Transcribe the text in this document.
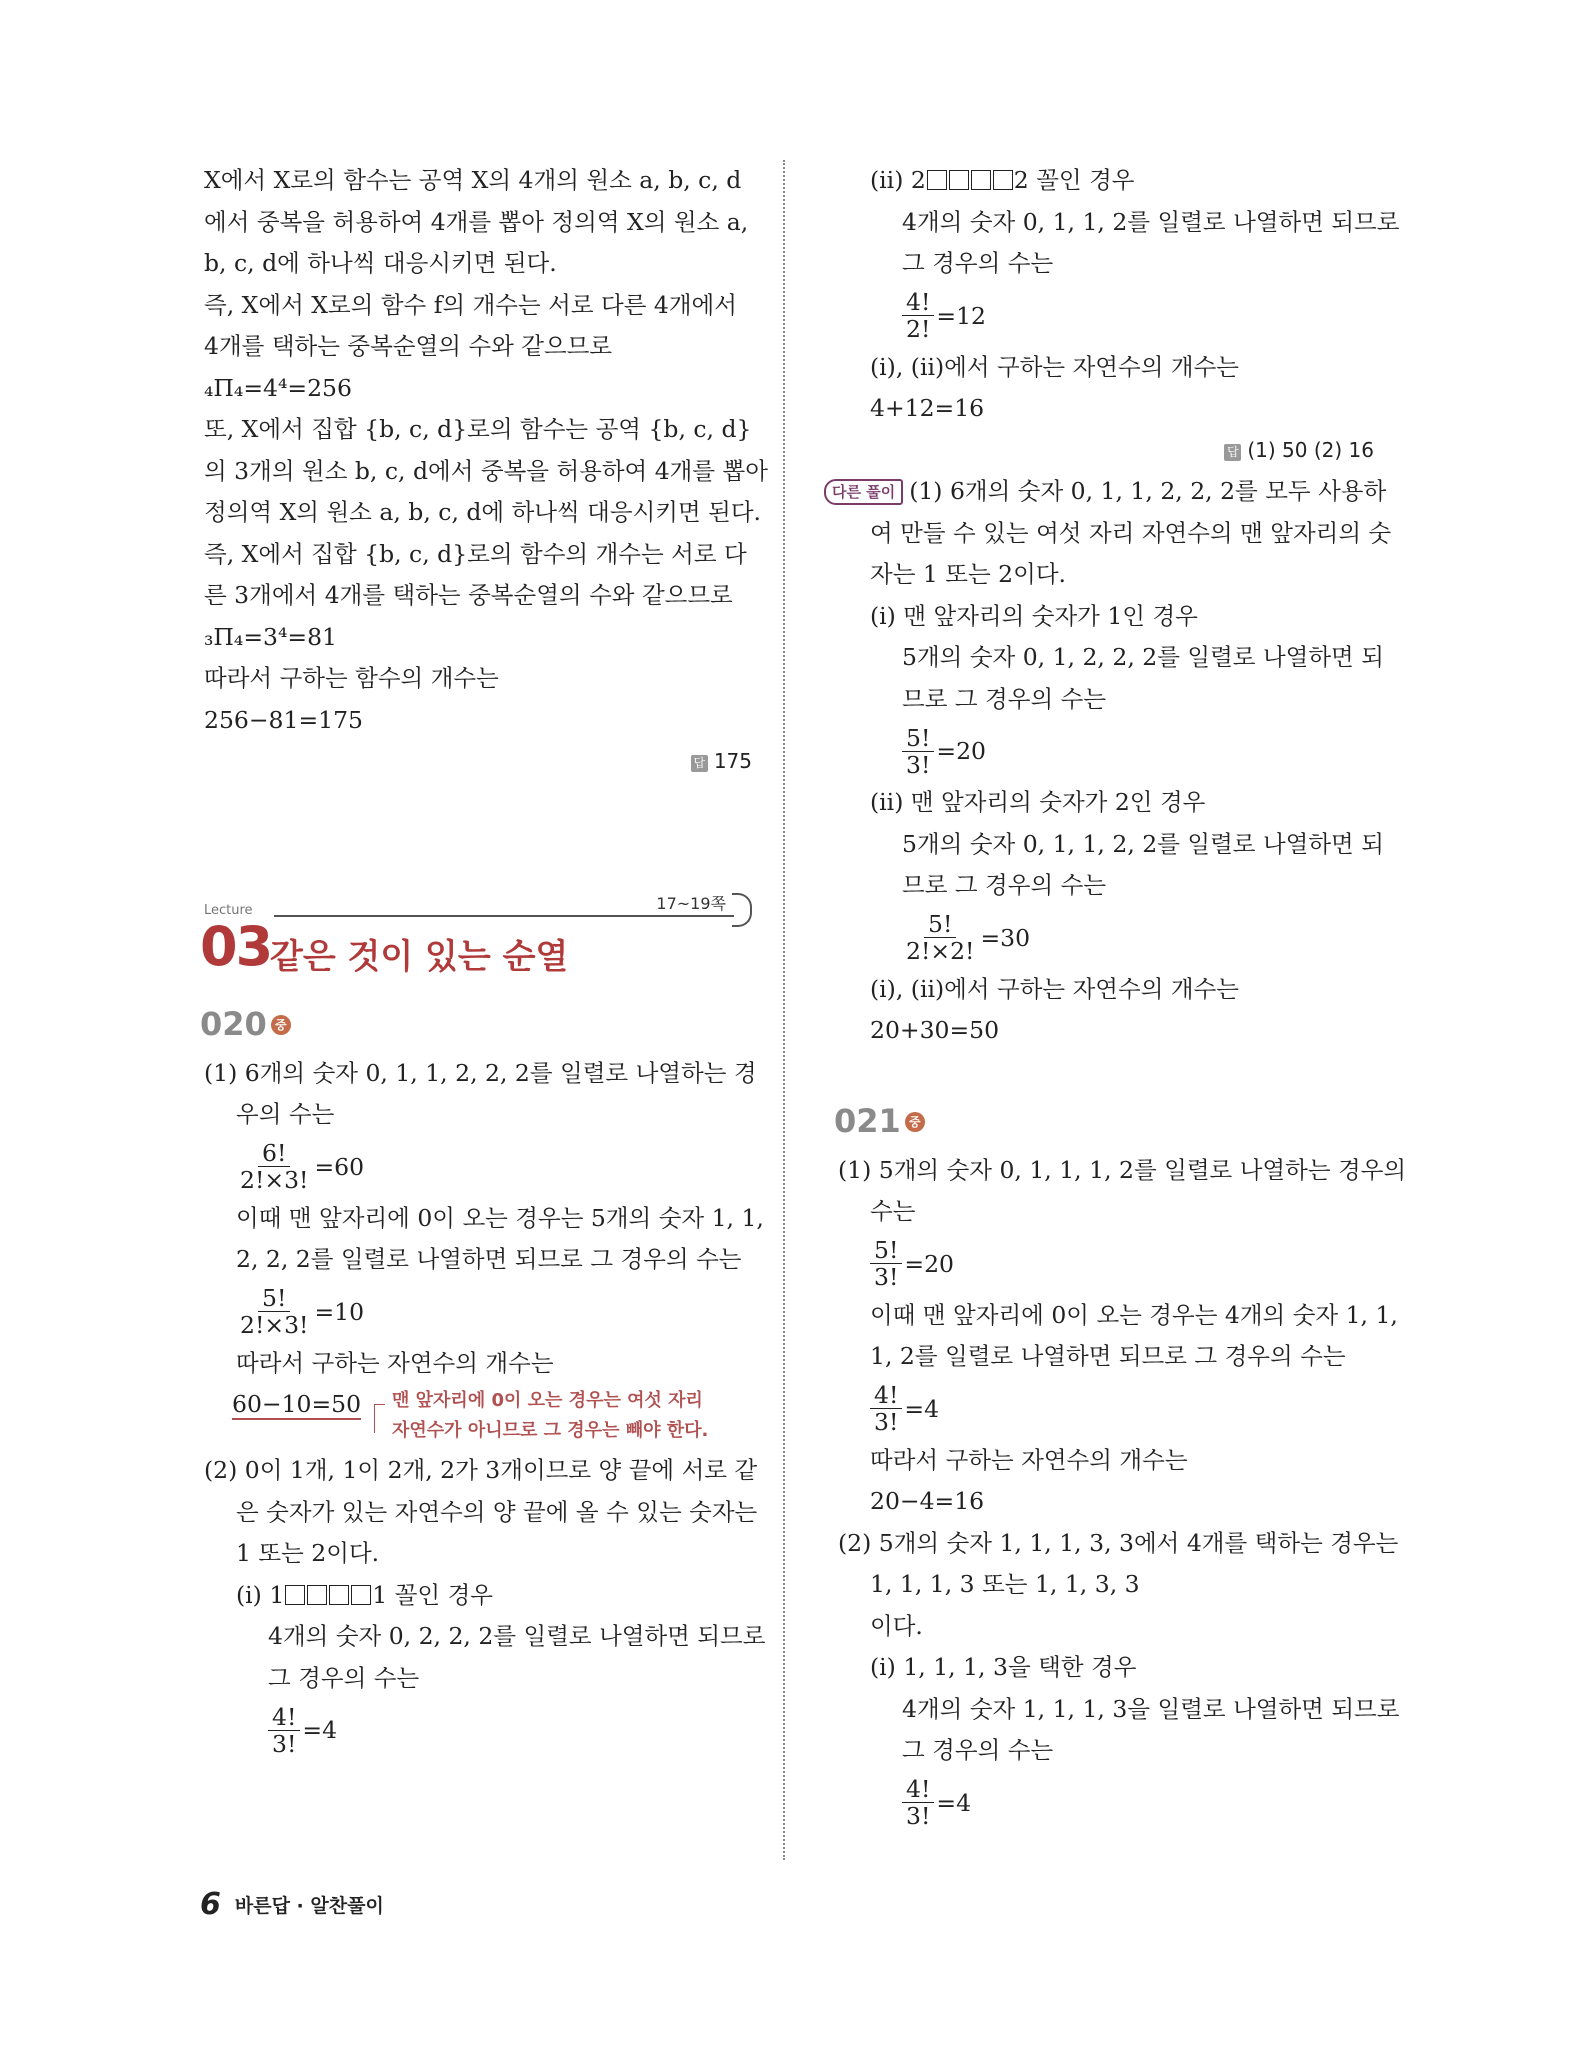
X에서 X로의 함수는 공역 X의 4개의 원소 a, b, c, d
에서 중복을 허용하여 4개를 뽑아 정의역 X의 원소 a,
b, c, d에 하나씩 대응시키면 된다.
즉, X에서 X로의 함수 f의 개수는 서로 다른 4개에서
4개를 택하는 중복순열의 수와 같으므로
₄Π₄=4⁴=256
또, X에서 집합 {b, c, d}로의 함수는 공역 {b, c, d}
의 3개의 원소 b, c, d에서 중복을 허용하여 4개를 뽑아
정의역 X의 원소 a, b, c, d에 하나씩 대응시키면 된다.
즉, X에서 집합 {b, c, d}로의 함수의 개수는 서로 다
른 3개에서 4개를 택하는 중복순열의 수와 같으므로
₃Π₄=3⁴=81
따라서 구하는 함수의 개수는
256−81=175
답 175
Lecture	17~19쪽
03
같은 것이 있는 순열
020 중
(1) 6개의 숫자 0, 1, 1, 2, 2, 2를 일렬로 나열하는 경
우의 수는
$\frac{6!}{2!\times 3!} =60$
이때 맨 앞자리에 0이 오는 경우는 5개의 숫자 1, 1,
2, 2, 2를 일렬로 나열하면 되므로 그 경우의 수는
$\frac{5!}{2!\times 3!} =10$
따라서 구하는 자연수의 개수는
60−10=50 맨 앞자리에 0이 오는 경우는 여섯 자리
자연수가 아니므로 그 경우는 빼야 한다.
(2) 0이 1개, 1이 2개, 2가 3개이므로 양 끝에 서로 같
은 숫자가 있는 자연수의 양 끝에 올 수 있는 숫자는
1 또는 2이다.
(ⅰ) 1	1 꼴인 경우
4개의 숫자 0, 2, 2, 2를 일렬로 나열하면 되므로
그 경우의 수는
$\frac{4!}{3!} =4$
(ⅱ) 2	2 꼴인 경우
4개의 숫자 0, 1, 1, 2를 일렬로 나열하면 되므로
그 경우의 수는
$\frac{4!}{2!} =12$
(ⅰ), (ⅱ)에서 구하는 자연수의 개수는
4+12=16
답 (1) 50 (2) 16
다른 풀이 (1) 6개의 숫자 0, 1, 1, 2, 2, 2를 모두 사용하
여 만들 수 있는 여섯 자리 자연수의 맨 앞자리의 숫
자는 1 또는 2이다.
(ⅰ) 맨 앞자리의 숫자가 1인 경우
5개의 숫자 0, 1, 2, 2, 2를 일렬로 나열하면 되
므로 그 경우의 수는
$\frac{5!}{3!} =20$
(ⅱ) 맨 앞자리의 숫자가 2인 경우
5개의 숫자 0, 1, 1, 2, 2를 일렬로 나열하면 되
므로 그 경우의 수는
$\frac{5!}{2!\times 2!} =30$
(ⅰ), (ⅱ)에서 구하는 자연수의 개수는
20+30=50
021 중
(1) 5개의 숫자 0, 1, 1, 1, 2를 일렬로 나열하는 경우의
수는
$\frac{5!}{3!} =20$
이때 맨 앞자리에 0이 오는 경우는 4개의 숫자 1, 1,
1, 2를 일렬로 나열하면 되므로 그 경우의 수는
$\frac{4!}{3!} =4$
따라서 구하는 자연수의 개수는
20−4=16
(2) 5개의 숫자 1, 1, 1, 3, 3에서 4개를 택하는 경우는
1, 1, 1, 3 또는 1, 1, 3, 3
이다.
(ⅰ) 1, 1, 1, 3을 택한 경우
4개의 숫자 1, 1, 1, 3을 일렬로 나열하면 되므로
그 경우의 수는
$\frac{4!}{3!} =4$
6 바른답 · 알찬풀이
